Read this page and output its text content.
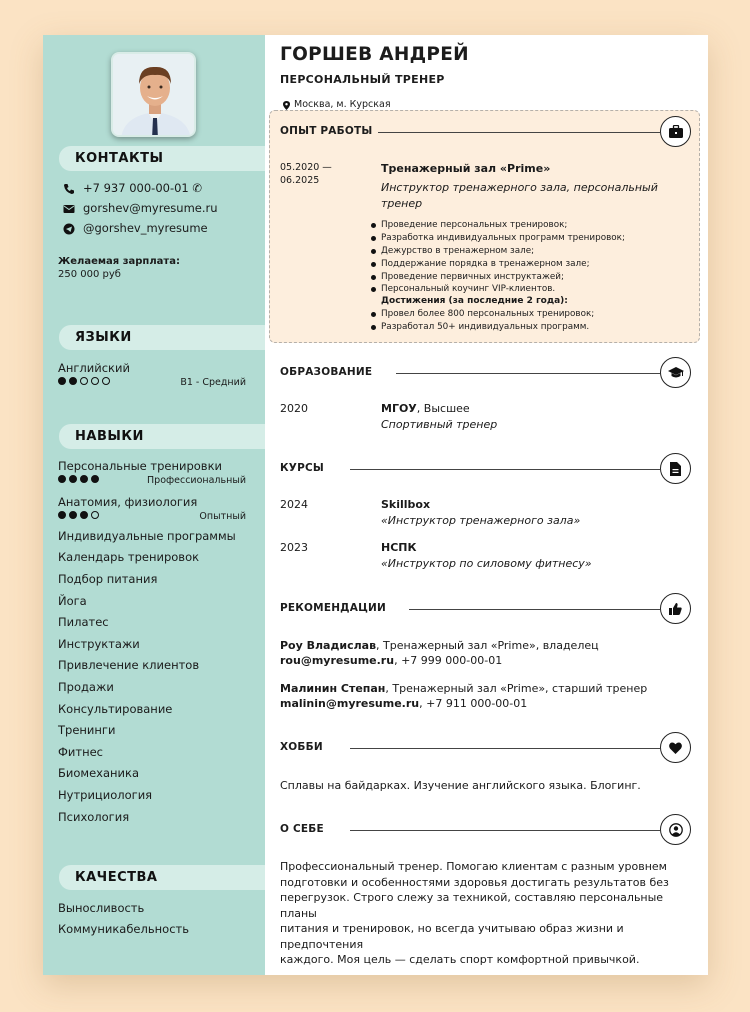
КОНТАКТЫ
+7 937 000-00-01 ✆
gorshev@myresume.ru
@gorshev_myresume
Желаемая зарплата:
250 000 руб
ЯЗЫКИ
Английский
B1 - Средний
НАВЫКИ
Персональные тренировки
Профессиональный
Анатомия, физиология
Опытный
Индивидуальные программы
Календарь тренировок
Подбор питания
Йога
Пилатес
Инструктажи
Привлечение клиентов
Продажи
Консультирование
Тренинги
Фитнес
Биомеханика
Нутрициология
Психология
КАЧЕСТВА
Выносливость
Коммуникабельность
ГОРШЕВ АНДРЕЙ
ПЕРСОНАЛЬНЫЙ ТРЕНЕР
Москва, м. Курская
ОПЫТ РАБОТЫ
05.2020 —
06.2025
Тренажерный зал «Prime»
Инструктор тренажерного зала, персональный
тренер
Проведение персональных тренировок;
Разработка индивидуальных программ тренировок;
Дежурство в тренажерном зале;
Поддержание порядка в тренажерном зале;
Проведение первичных инструктажей;
Персональный коучинг VIP-клиентов.
Достижения (за последние 2 года):
Провел более 800 персональных тренировок;
Разработал 50+ индивидуальных программ.
ОБРАЗОВАНИЕ
2020	МГОУ, Высшее
Спортивный тренер
КУРСЫ
2024	Skillbox
«Инструктор тренажерного зала»
2023	НСПК
«Инструктор по силовому фитнесу»
РЕКОМЕНДАЦИИ
Роу Владислав, Тренажерный зал «Prime», владелец
rou@myresume.ru, +7 999 000-00-01
Малинин Степан, Тренажерный зал «Prime», старший тренер
malinin@myresume.ru, +7 911 000-00-01
ХОББИ
Сплавы на байдарках. Изучение английского языка. Блогинг.
О СЕБЕ
Профессиональный тренер. Помогаю клиентам с разным уровнем
подготовки и особенностями здоровья достигать результатов без
перегрузок. Строго слежу за техникой, составляю персональные планы
питания и тренировок, но всегда учитываю образ жизни и предпочтения
каждого. Моя цель — сделать спорт комфортной привычкой.
